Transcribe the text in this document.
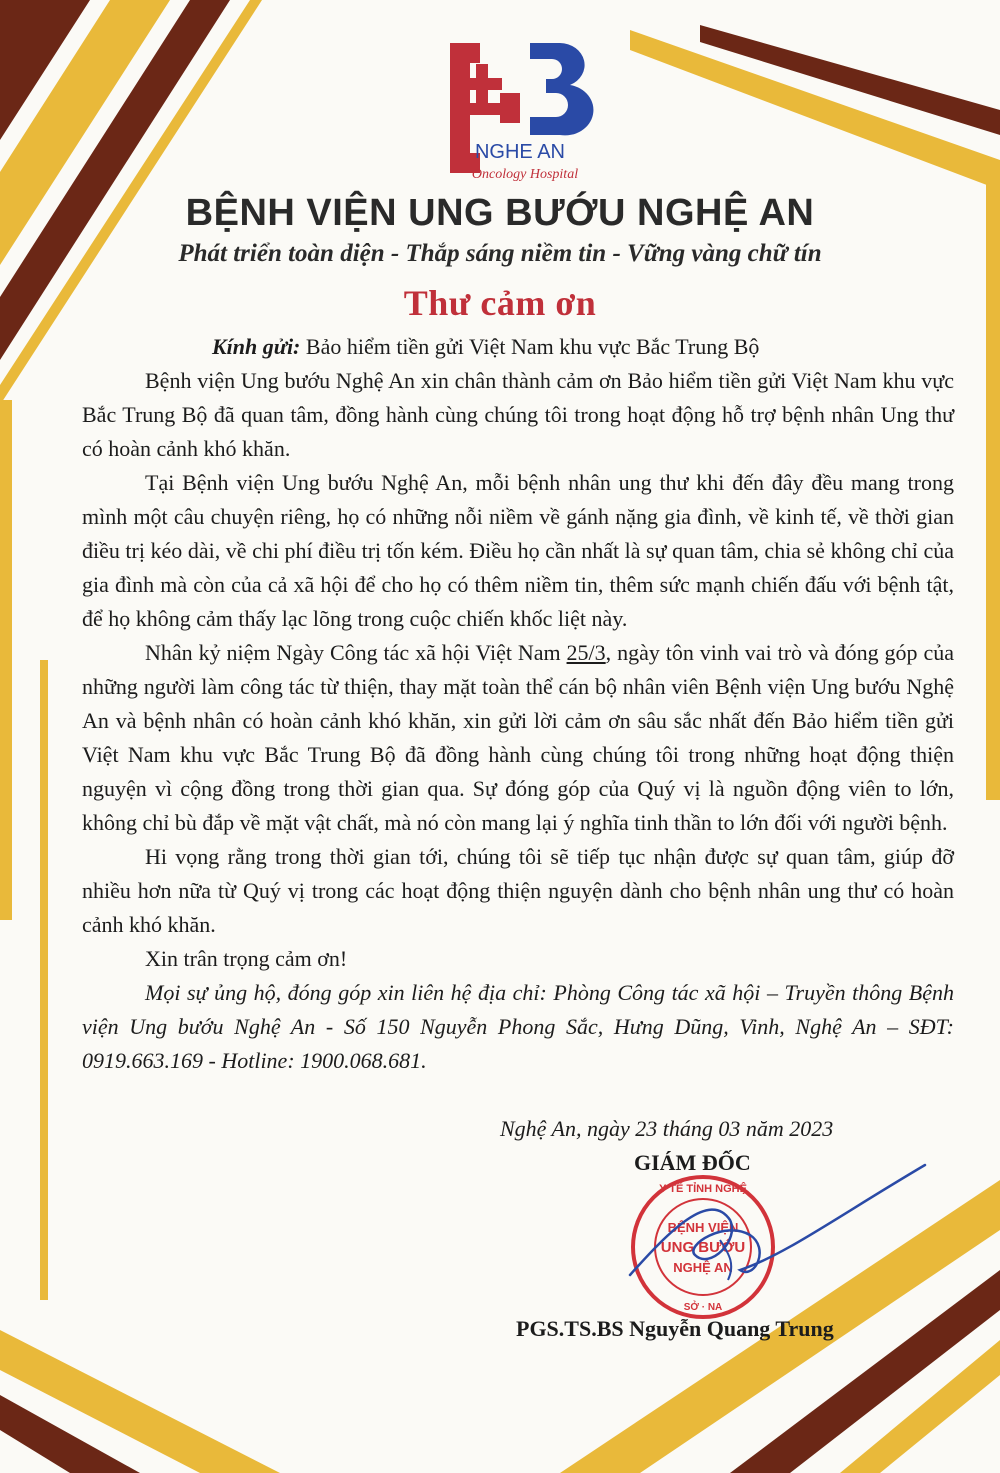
NGHE AN
Oncology Hospital
BỆNH VIỆN UNG BƯỚU NGHỆ AN
Phát triển toàn diện - Thắp sáng niềm tin - Vững vàng chữ tín
Thư cảm ơn

Kính gửi: Bảo hiểm tiền gửi Việt Nam khu vực Bắc Trung Bộ

Bệnh viện Ung bướu Nghệ An xin chân thành cảm ơn Bảo hiểm tiền gửi Việt Nam khu vực Bắc Trung Bộ đã quan tâm, đồng hành cùng chúng tôi trong hoạt động hỗ trợ bệnh nhân Ung thư có hoàn cảnh khó khăn.

Tại Bệnh viện Ung bướu Nghệ An, mỗi bệnh nhân ung thư khi đến đây đều mang trong mình một câu chuyện riêng, họ có những nỗi niềm về gánh nặng gia đình, về kinh tế, về thời gian điều trị kéo dài, về chi phí điều trị tốn kém. Điều họ cần nhất là sự quan tâm, chia sẻ không chỉ của gia đình mà còn của cả xã hội để cho họ có thêm niềm tin, thêm sức mạnh chiến đấu với bệnh tật, để họ không cảm thấy lạc lõng trong cuộc chiến khốc liệt này.

Nhân kỷ niệm Ngày Công tác xã hội Việt Nam 25/3, ngày tôn vinh vai trò và đóng góp của những người làm công tác từ thiện, thay mặt toàn thể cán bộ nhân viên Bệnh viện Ung bướu Nghệ An và bệnh nhân có hoàn cảnh khó khăn, xin gửi lời cảm ơn sâu sắc nhất đến Bảo hiểm tiền gửi Việt Nam khu vực Bắc Trung Bộ đã đồng hành cùng chúng tôi trong những hoạt động thiện nguyện vì cộng đồng trong thời gian qua. Sự đóng góp của Quý vị là nguồn động viên to lớn, không chỉ bù đắp về mặt vật chất, mà nó còn mang lại ý nghĩa tinh thần to lớn đối với người bệnh.

Hi vọng rằng trong thời gian tới, chúng tôi sẽ tiếp tục nhận được sự quan tâm, giúp đỡ nhiều hơn nữa từ Quý vị trong các hoạt động thiện nguyện dành cho bệnh nhân ung thư có hoàn cảnh khó khăn.

Xin trân trọng cảm ơn!

Mọi sự ủng hộ, đóng góp xin liên hệ địa chỉ: Phòng Công tác xã hội – Truyền thông Bệnh viện Ung bướu Nghệ An - Số 150 Nguyễn Phong Sắc, Hưng Dũng, Vinh, Nghệ An – SĐT: 0919.663.169 - Hotline: 1900.068.681.

Nghệ An, ngày 23 tháng 03 năm 2023
GIÁM ĐỐC
Y TẾ TỈNH NGHỆ
BỆNH VIỆN
UNG BƯỚU
NGHỆ AN
SỞ · NA
PGS.TS.BS Nguyễn Quang Trung
